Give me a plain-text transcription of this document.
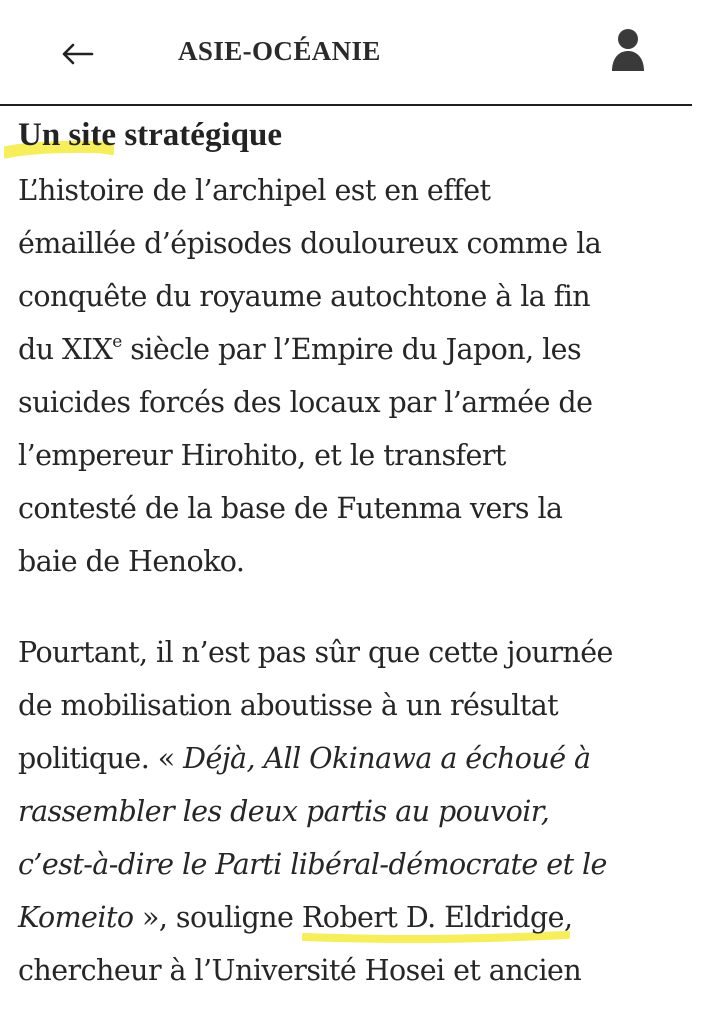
ASIE-OCÉANIE
Un site stratégique

L’histoire de l’archipel est en effet
émaillée d’épisodes douloureux comme la
conquête du royaume autochtone à la fin
du XIXe siècle par l’Empire du Japon, les
suicides forcés des locaux par l’armée de
l’empereur Hirohito, et le transfert
contesté de la base de Futenma vers la
baie de Henoko.

Pourtant, il n’est pas sûr que cette journée
de mobilisation aboutisse à un résultat
politique. « Déjà, All Okinawa a échoué à
rassembler les deux partis au pouvoir,
c’est-à-dire le Parti libéral-démocrate et le
Komeito », souligne
Robert D. Eldridge,
chercheur à l’Université Hosei et ancien
